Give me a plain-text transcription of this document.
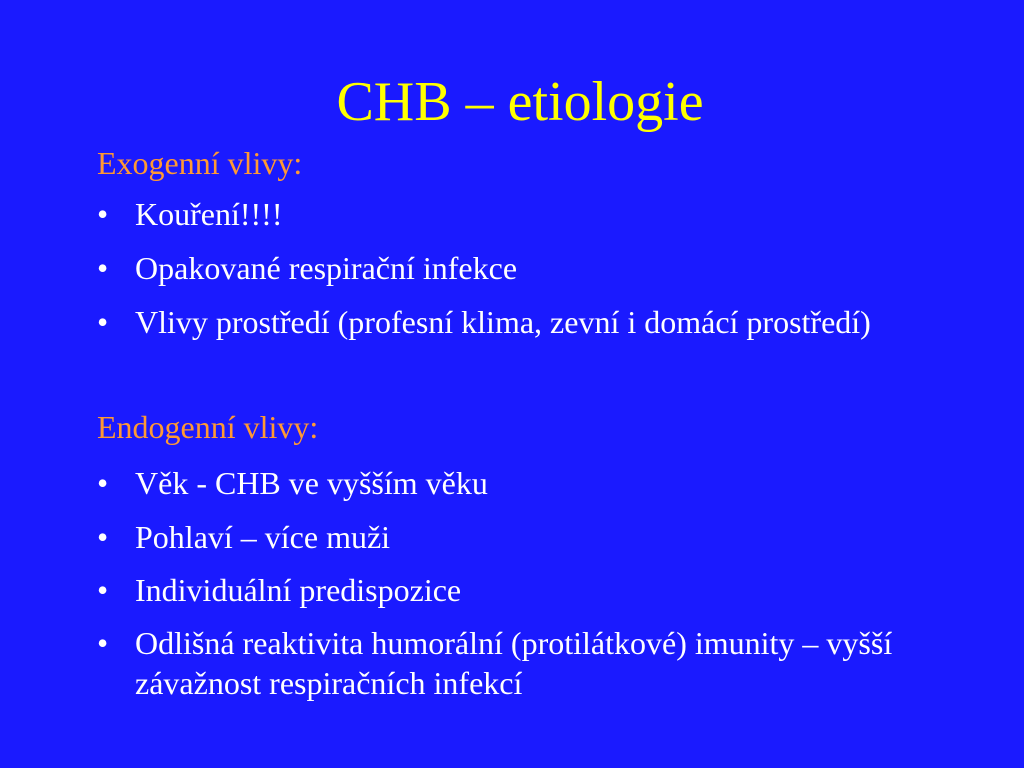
CHB – etiologie
Exogenní vlivy:
• Kouření!!!!
• Opakované respirační infekce
• Vlivy prostředí (profesní klima, zevní i domácí prostředí)
Endogenní vlivy:
• Věk - CHB ve vyšším věku
• Pohlaví – více muži
• Individuální predispozice
• Odlišná reaktivita humorální (protilátkové) imunity – vyšší závažnost respiračních infekcí
